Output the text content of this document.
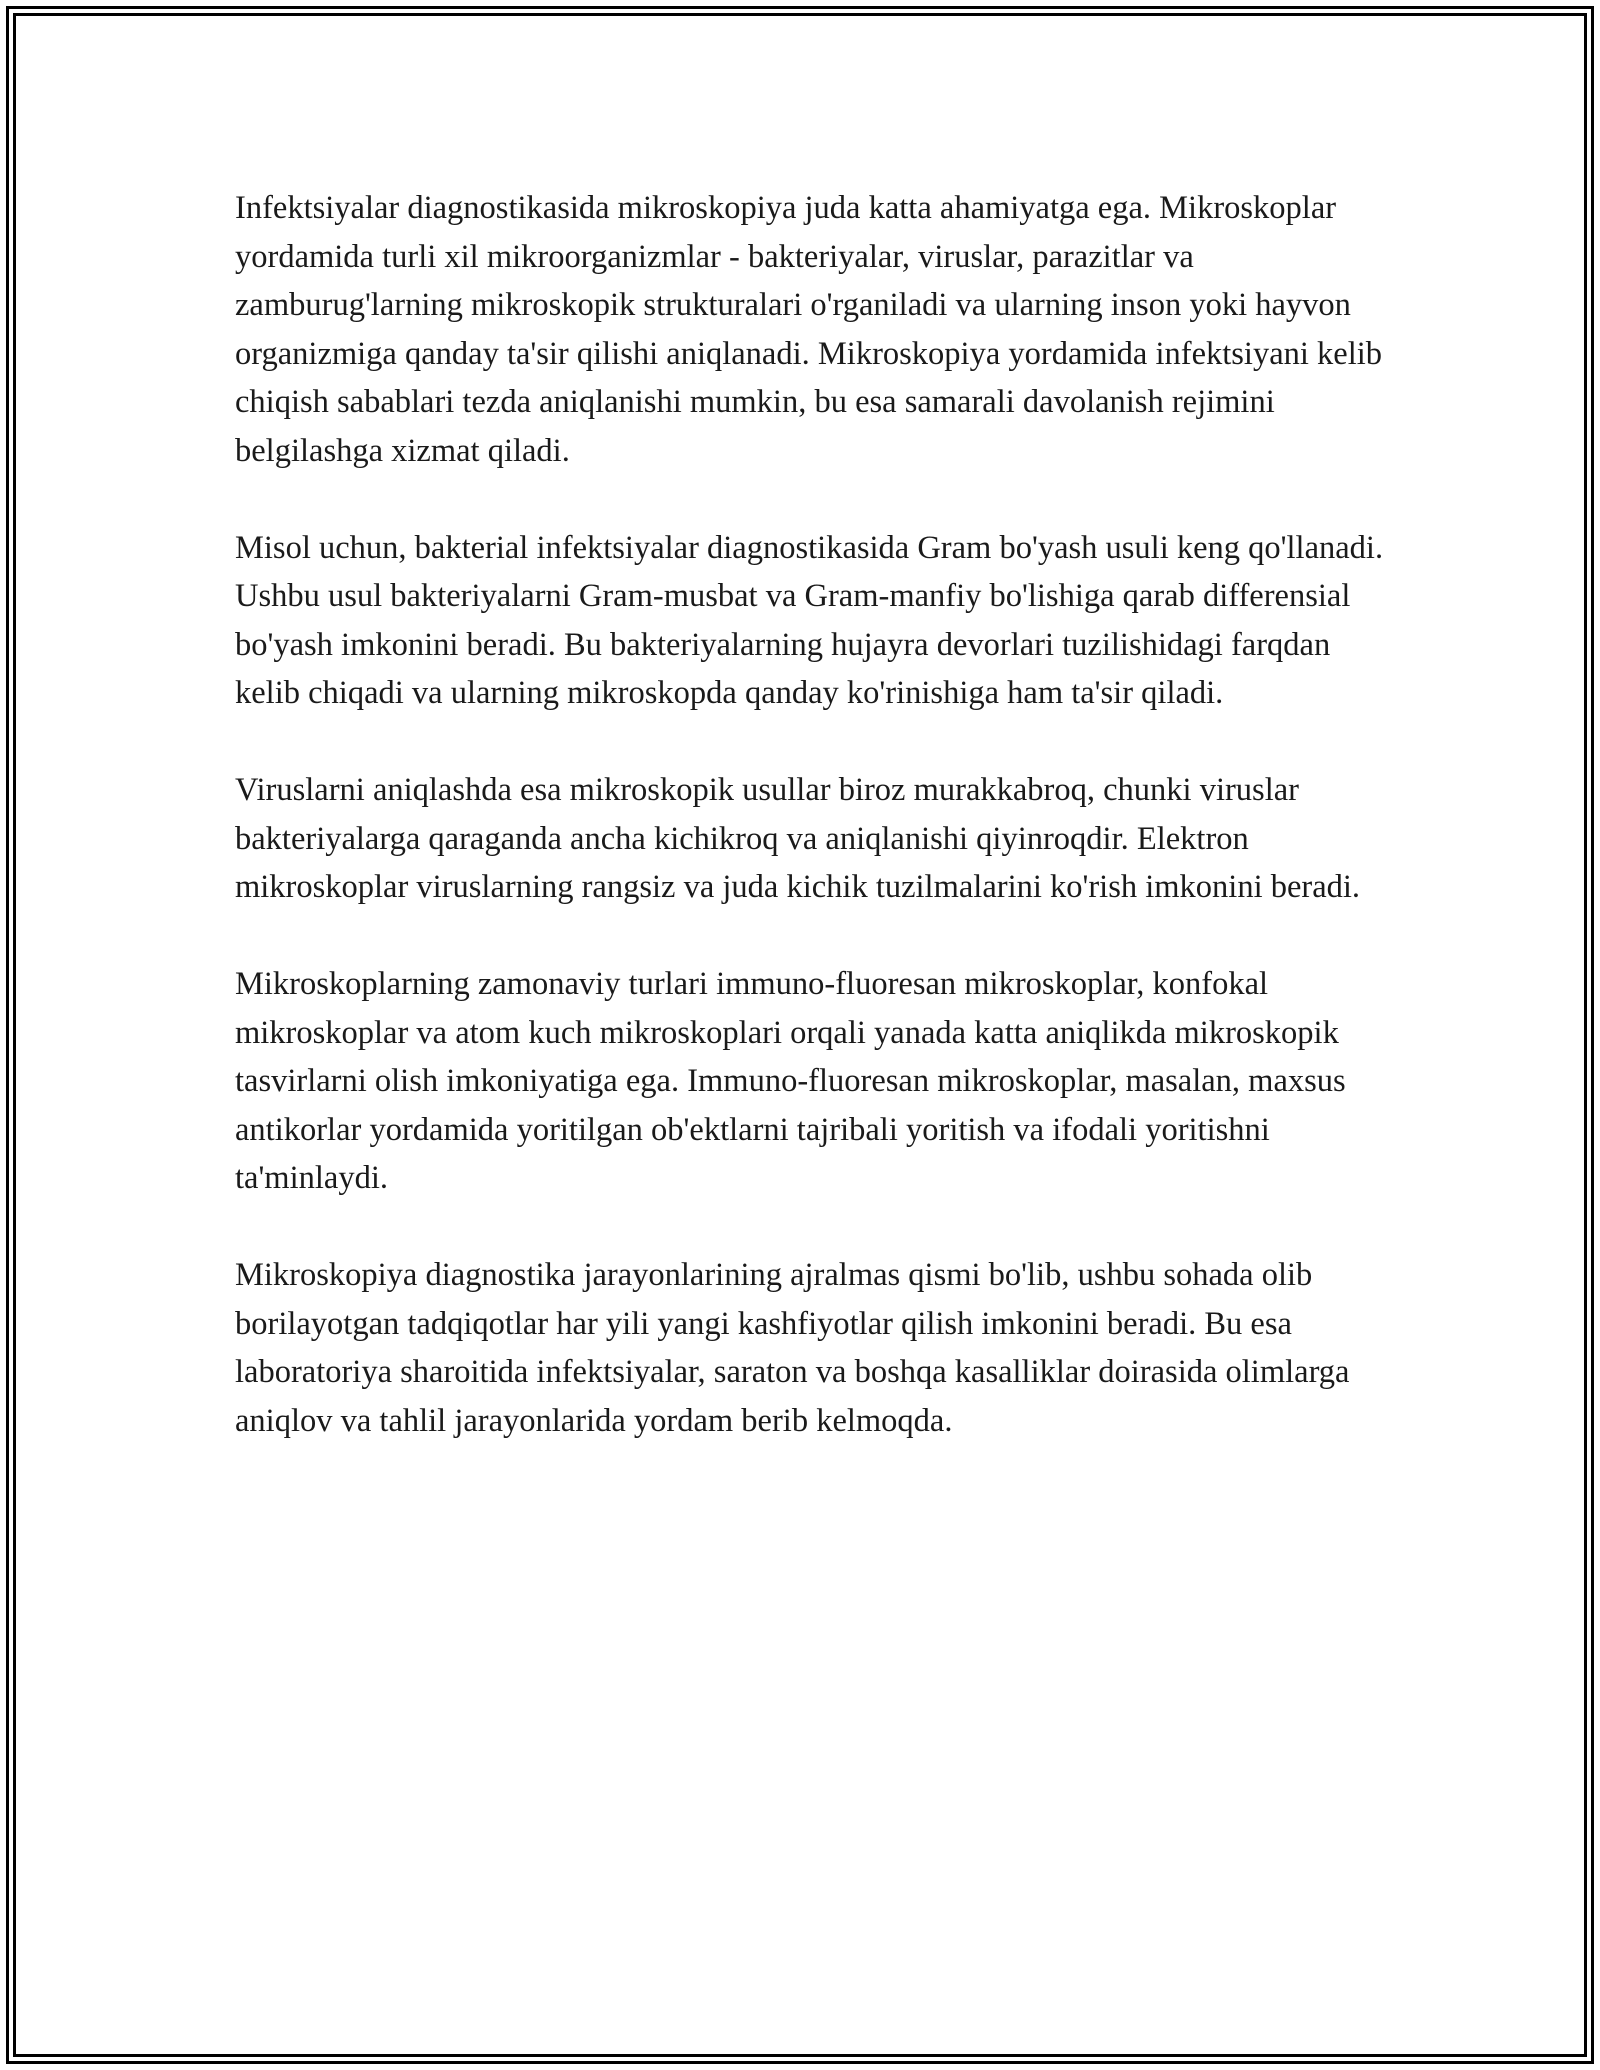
Infektsiyalar diagnostikasida mikroskopiya juda katta ahamiyatga ega. Mikroskoplar yordamida turli xil mikroorganizmlar - bakteriyalar, viruslar, parazitlar va zamburug'larning mikroskopik strukturalari o'rganiladi va ularning inson yoki hayvon organizmiga qanday ta'sir qilishi aniqlanadi. Mikroskopiya yordamida infektsiyani kelib chiqish sabablari tezda aniqlanishi mumkin, bu esa samarali davolanish rejimini belgilashga xizmat qiladi.

Misol uchun, bakterial infektsiyalar diagnostikasida Gram bo'yash usuli keng qo'llanadi. Ushbu usul bakteriyalarni Gram-musbat va Gram-manfiy bo'lishiga qarab differensial bo'yash imkonini beradi. Bu bakteriyalarning hujayra devorlari tuzilishidagi farqdan kelib chiqadi va ularning mikroskopda qanday ko'rinishiga ham ta'sir qiladi.

Viruslarni aniqlashda esa mikroskopik usullar biroz murakkabroq, chunki viruslar bakteriyalarga qaraganda ancha kichikroq va aniqlanishi qiyinroqdir. Elektron mikroskoplar viruslarning rangsiz va juda kichik tuzilmalarini ko'rish imkonini beradi.

Mikroskoplarning zamonaviy turlari immuno-fluoresan mikroskoplar, konfokal mikroskoplar va atom kuch mikroskoplari orqali yanada katta aniqlikda mikroskopik tasvirlarni olish imkoniyatiga ega. Immuno-fluoresan mikroskoplar, masalan, maxsus antikorlar yordamida yoritilgan ob'ektlarni tajribali yoritish va ifodali yoritishni ta'minlaydi.

Mikroskopiya diagnostika jarayonlarining ajralmas qismi bo'lib, ushbu sohada olib borilayotgan tadqiqotlar har yili yangi kashfiyotlar qilish imkonini beradi. Bu esa laboratoriya sharoitida infektsiyalar, saraton va boshqa kasalliklar doirasida olimlarga aniqlov va tahlil jarayonlarida yordam berib kelmoqda.
